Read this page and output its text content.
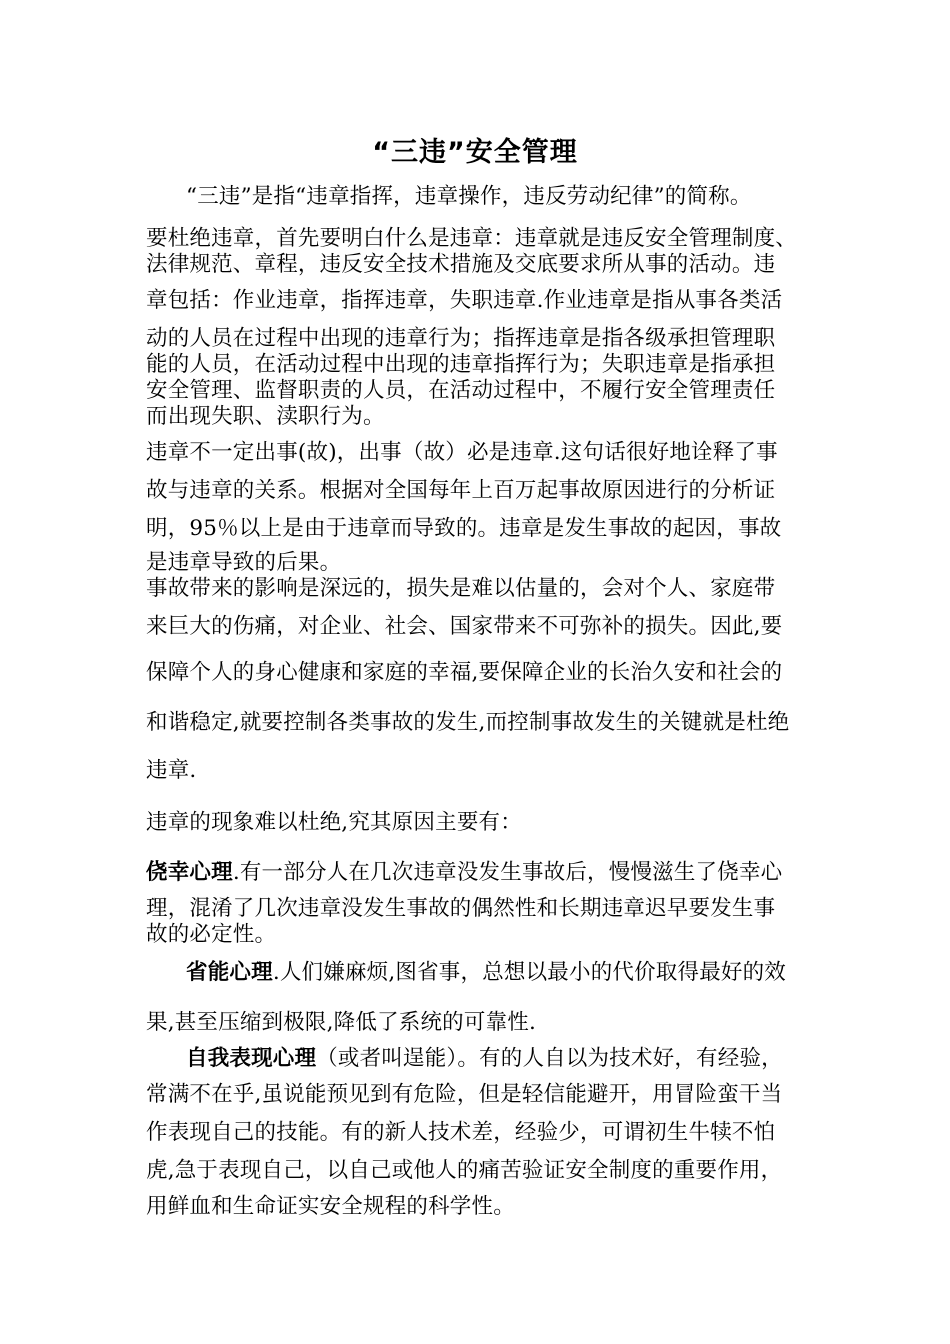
“三违”安全管理
“三违”是指“违章指挥，违章操作，违反劳动纪律”的简称。
要杜绝违章，首先要明白什么是违章：违章就是违反安全管理制度、
法律规范、章程，违反安全技术措施及交底要求所从事的活动。违
章包括：作业违章，指挥违章，失职违章.作业违章是指从事各类活
动的人员在过程中出现的违章行为；指挥违章是指各级承担管理职
能的人员，在活动过程中出现的违章指挥行为；失职违章是指承担
安全管理、监督职责的人员，在活动过程中，不履行安全管理责任
而出现失职、渎职行为。
违章不一定出事(故)，出事（故）必是违章.这句话很好地诠释了事
故与违章的关系。根据对全国每年上百万起事故原因进行的分析证
明，95％以上是由于违章而导致的。违章是发生事故的起因，事故
是违章导致的后果。
事故带来的影响是深远的，损失是难以估量的，会对个人、家庭带
来巨大的伤痛，对企业、社会、国家带来不可弥补的损失。因此,要
保障个人的身心健康和家庭的幸福,要保障企业的长治久安和社会的
和谐稳定,就要控制各类事故的发生,而控制事故发生的关键就是杜绝
违章.
违章的现象难以杜绝,究其原因主要有：
侥幸心理.有一部分人在几次违章没发生事故后，慢慢滋生了侥幸心
理，混淆了几次违章没发生事故的偶然性和长期违章迟早要发生事
故的必定性。
省能心理.人们嫌麻烦,图省事，总想以最小的代价取得最好的效
果,甚至压缩到极限,降低了系统的可靠性.
自我表现心理（或者叫逞能）。有的人自以为技术好，有经验，
常满不在乎,虽说能预见到有危险，但是轻信能避开，用冒险蛮干当
作表现自己的技能。有的新人技术差，经验少，可谓初生牛犊不怕
虎,急于表现自己，以自己或他人的痛苦验证安全制度的重要作用，
用鲜血和生命证实安全规程的科学性。
